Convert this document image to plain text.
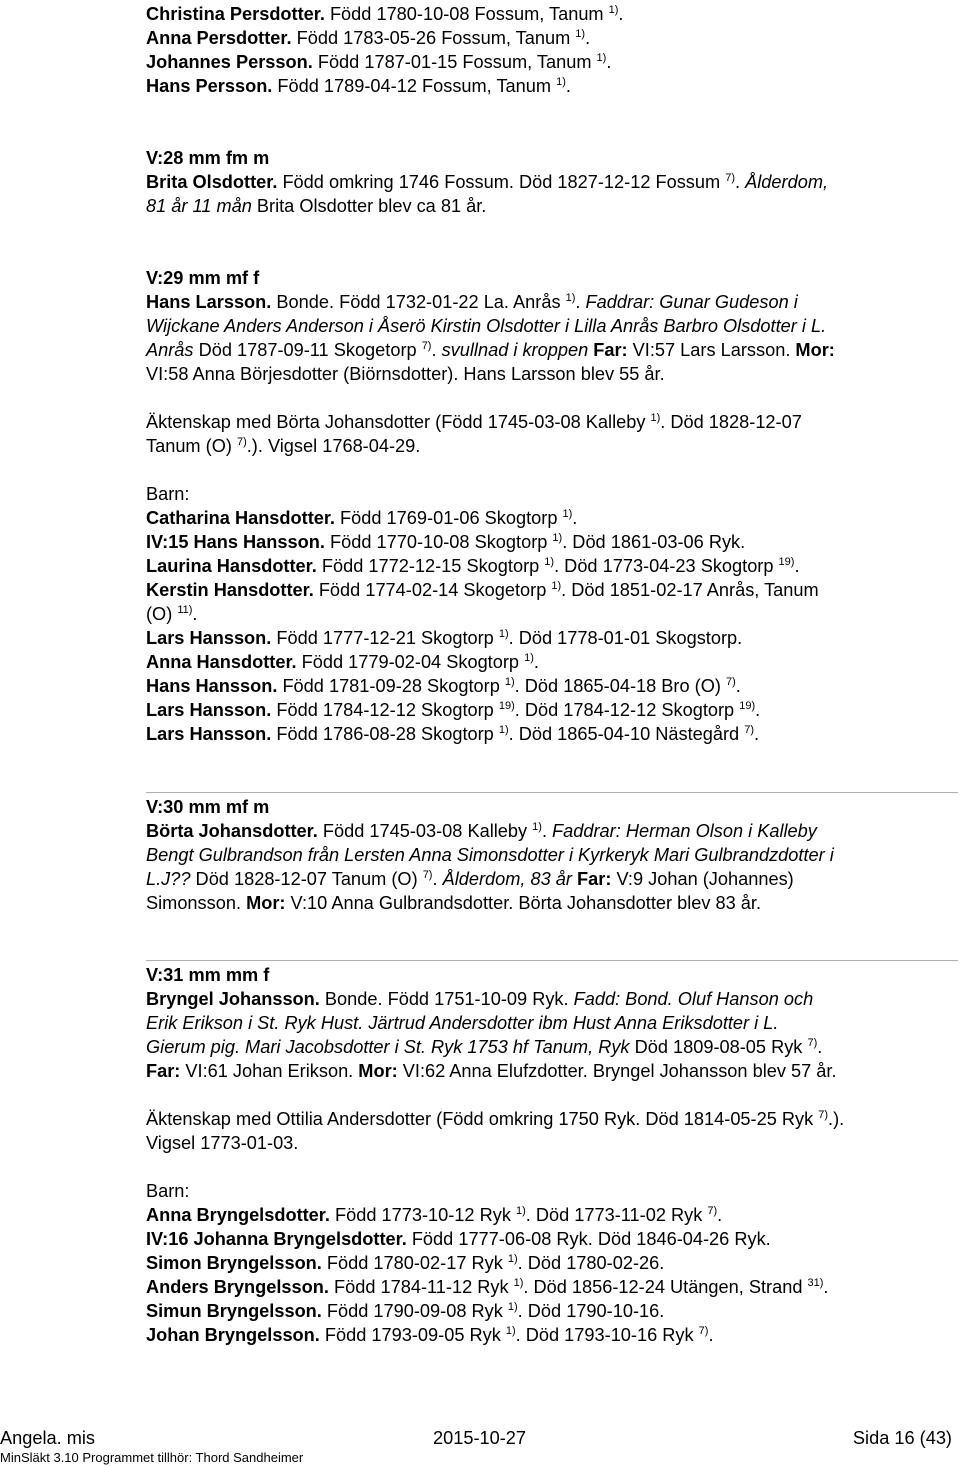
Christina Persdotter. Född 1780-10-08 Fossum, Tanum $^{1)}$.
Anna Persdotter. Född 1783-05-26 Fossum, Tanum $^{1)}$.
Johannes Persson. Född 1787-01-15 Fossum, Tanum $^{1)}$.
Hans Persson. Född 1789-04-12 Fossum, Tanum $^{1)}$.
V:28 mm fm m
Brita Olsdotter. Född omkring 1746 Fossum. Död 1827-12-12 Fossum $^{7)}$. Ålderdom,
81 år 11 mån Brita Olsdotter blev ca 81 år.
V:29 mm mf f
Hans Larsson. Bonde. Född 1732-01-22 La. Anrås $^{1)}$. Faddrar: Gunar Gudeson i
Wijckane Anders Anderson i Åserö Kirstin Olsdotter i Lilla Anrås Barbro Olsdotter i L.
Anrås Död 1787-09-11 Skogetorp $^{7)}$. svullnad i kroppen Far: VI:57 Lars Larsson. Mor:
VI:58 Anna Börjesdotter (Biörnsdotter). Hans Larsson blev 55 år.
Äktenskap med Börta Johansdotter (Född 1745-03-08 Kalleby $^{1)}$. Död 1828-12-07
Tanum (O) $^{7)}$.). Vigsel 1768-04-29.
Barn:
Catharina Hansdotter. Född 1769-01-06 Skogtorp $^{1)}$.
IV:15 Hans Hansson. Född 1770-10-08 Skogtorp $^{1)}$. Död 1861-03-06 Ryk.
Laurina Hansdotter. Född 1772-12-15 Skogtorp $^{1)}$. Död 1773-04-23 Skogtorp $^{19)}$.
Kerstin Hansdotter. Född 1774-02-14 Skogetorp $^{1)}$. Död 1851-02-17 Anrås, Tanum
(O) $^{11)}$.
Lars Hansson. Född 1777-12-21 Skogtorp $^{1)}$. Död 1778-01-01 Skogstorp.
Anna Hansdotter. Född 1779-02-04 Skogtorp $^{1)}$.
Hans Hansson. Född 1781-09-28 Skogtorp $^{1)}$. Död 1865-04-18 Bro (O) $^{7)}$.
Lars Hansson. Född 1784-12-12 Skogtorp $^{19)}$. Död 1784-12-12 Skogtorp $^{19)}$.
Lars Hansson. Född 1786-08-28 Skogtorp $^{1)}$. Död 1865-04-10 Nästegård $^{7)}$.
V:30 mm mf m
Börta Johansdotter. Född 1745-03-08 Kalleby $^{1)}$. Faddrar: Herman Olson i Kalleby
Bengt Gulbrandson från Lersten Anna Simonsdotter i Kyrkeryk Mari Gulbrandzdotter i
L.J?? Död 1828-12-07 Tanum (O) $^{7)}$. Ålderdom, 83 år Far: V:9 Johan (Johannes)
Simonsson. Mor: V:10 Anna Gulbrandsdotter. Börta Johansdotter blev 83 år.
V:31 mm mm f
Bryngel Johansson. Bonde. Född 1751-10-09 Ryk. Fadd: Bond. Oluf Hanson och
Erik Erikson i St. Ryk Hust. Järtrud Andersdotter ibm Hust Anna Eriksdotter i L.
Gierum pig. Mari Jacobsdotter i St. Ryk 1753 hf Tanum, Ryk Död 1809-08-05 Ryk $^{7)}$.
Far: VI:61 Johan Erikson. Mor: VI:62 Anna Elufzdotter. Bryngel Johansson blev 57 år.
Äktenskap med Ottilia Andersdotter (Född omkring 1750 Ryk. Död 1814-05-25 Ryk $^{7)}$.).
Vigsel 1773-01-03.
Barn:
Anna Bryngelsdotter. Född 1773-10-12 Ryk $^{1)}$. Död 1773-11-02 Ryk $^{7)}$.
IV:16 Johanna Bryngelsdotter. Född 1777-06-08 Ryk. Död 1846-04-26 Ryk.
Simon Bryngelsson. Född 1780-02-17 Ryk $^{1)}$. Död 1780-02-26.
Anders Bryngelsson. Född 1784-11-12 Ryk $^{1)}$. Död 1856-12-24 Utängen, Strand $^{31)}$.
Simun Bryngelsson. Född 1790-09-08 Ryk $^{1)}$. Död 1790-10-16.
Johan Bryngelsson. Född 1793-09-05 Ryk $^{1)}$. Död 1793-10-16 Ryk $^{7)}$.
Angela. mis	2015-10-27	Sida 16 (43)
MinSläkt 3.10 Programmet tillhör: Thord Sandheimer
